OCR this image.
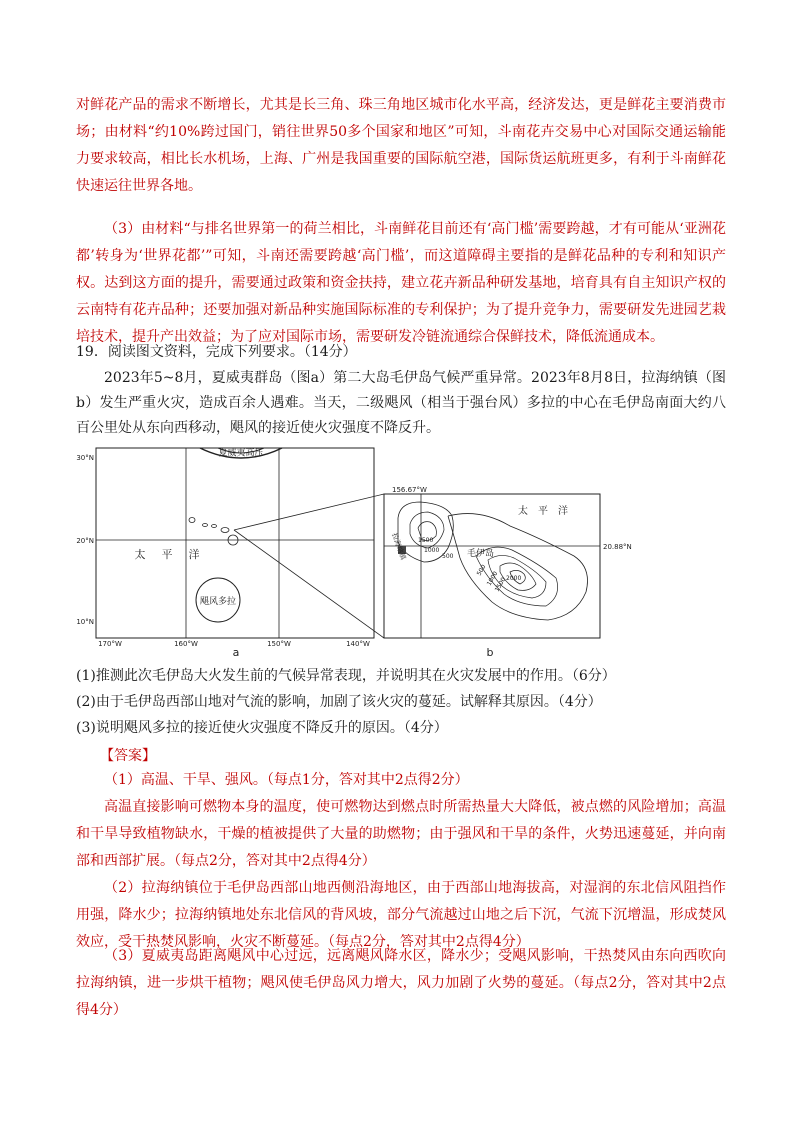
对鲜花产品的需求不断增长，尤其是长三角、珠三角地区城市化水平高，经济发达，更是鲜花主要消费市场；由材料“约10%跨过国门，销往世界50多个国家和地区”可知，斗南花卉交易中心对国际交通运输能力要求较高，相比长水机场，上海、广州是我国重要的国际航空港，国际货运航班更多，有利于斗南鲜花快速运往世界各地。
（3）由材料“与排名世界第一的荷兰相比，斗南鲜花目前还有‘高门槛’需要跨越，才有可能从‘亚洲花都’转身为‘世界花都’”可知，斗南还需要跨越‘高门槛’，而这道障碍主要指的是鲜花品种的专利和知识产权。达到这方面的提升，需要通过政策和资金扶持，建立花卉新品种研发基地，培育具有自主知识产权的云南特有花卉品种；还要加强对新品种实施国际标准的专利保护；为了提升竞争力，需要研发先进园艺栽培技术，提升产出效益；为了应对国际市场，需要研发冷链流通综合保鲜技术，降低流通成本。
19．阅读图文资料，完成下列要求。（14分）
2023年5~8月，夏威夷群岛（图a）第二大岛毛伊岛气候严重异常。2023年8月8日，拉海纳镇（图b）发生严重火灾，造成百余人遇难。当天，二级飓风（相当于强台风）多拉的中心在毛伊岛南面大约八百公里处从东向西移动，飓风的接近使火灾强度不降反升。
夏威夷高压
太平洋
飓风多拉
30°N
20°N
10°N
170°W	160°W	150°W	140°W
a
拉海纳镇
156.67°W
20.88°N
太平洋
毛伊岛
1500
1000
500
500
1000
1500
2000
b
(1)推测此次毛伊岛大火发生前的气候异常表现，并说明其在火灾发展中的作用。（6分）
(2)由于毛伊岛西部山地对气流的影响，加剧了该火灾的蔓延。试解释其原因。（4分）
(3)说明飓风多拉的接近使火灾强度不降反升的原因。（4分）
【答案】
（1）高温、干旱、强风。（每点1分，答对其中2点得2分）
高温直接影响可燃物本身的温度，使可燃物达到燃点时所需热量大大降低，被点燃的风险增加；高温和干旱导致植物缺水，干燥的植被提供了大量的助燃物；由于强风和干旱的条件，火势迅速蔓延，并向南部和西部扩展。（每点2分，答对其中2点得4分）
（2）拉海纳镇位于毛伊岛西部山地西侧沿海地区，由于西部山地海拔高，对湿润的东北信风阻挡作用强，降水少；拉海纳镇地处东北信风的背风坡，部分气流越过山地之后下沉，气流下沉增温，形成焚风效应，受干热焚风影响，火灾不断蔓延。（每点2分，答对其中2点得4分）
（3）夏威夷岛距离飓风中心过远，远离飓风降水区，降水少；受飓风影响，干热焚风由东向西吹向拉海纳镇，进一步烘干植物；飓风使毛伊岛风力增大，风力加剧了火势的蔓延。（每点2分，答对其中2点得4分）
